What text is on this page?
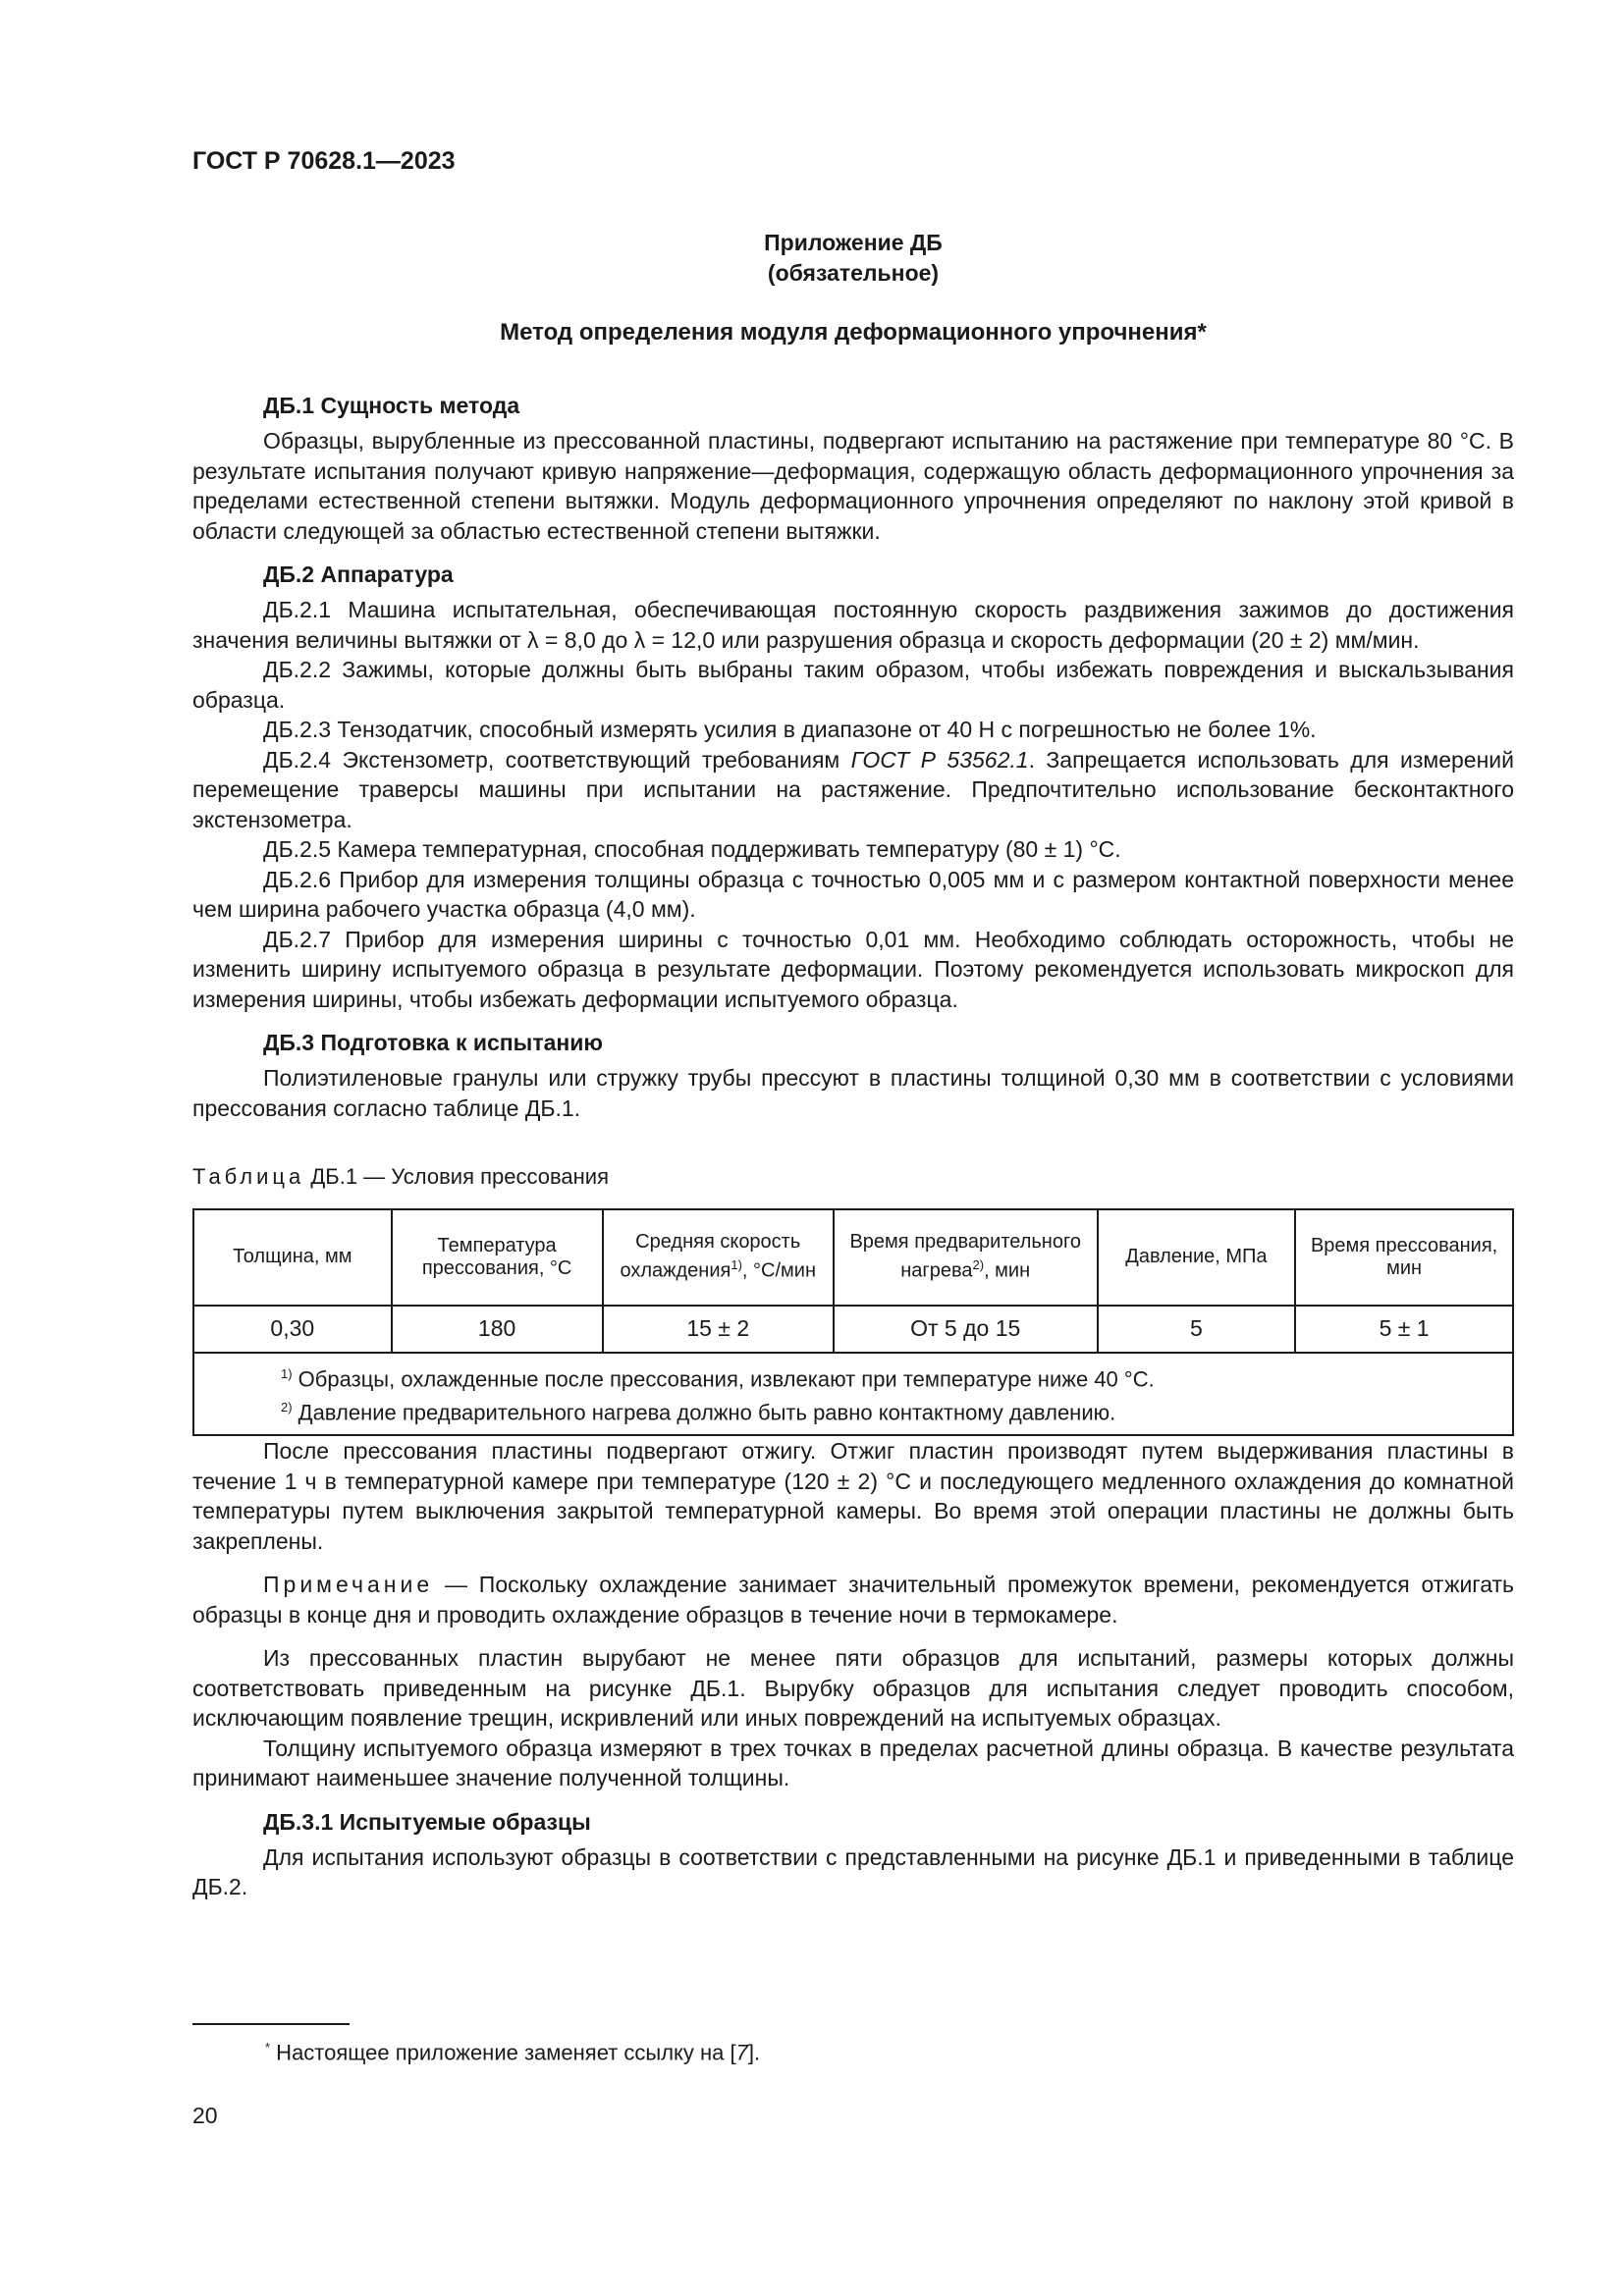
ГОСТ Р 70628.1—2023
Приложение ДБ
(обязательное)
Метод определения модуля деформационного упрочнения*
ДБ.1 Сущность метода

Образцы, вырубленные из прессованной пластины, подвергают испытанию на растяжение при температуре 80 °С. В результате испытания получают кривую напряжение—деформация, содержащую область деформационного упрочнения за пределами естественной степени вытяжки. Модуль деформационного упрочнения определяют по наклону этой кривой в области следующей за областью естественной степени вытяжки.

ДБ.2 Аппаратура

ДБ.2.1 Машина испытательная, обеспечивающая постоянную скорость раздвижения зажимов до достижения значения величины вытяжки от λ = 8,0 до λ = 12,0 или разрушения образца и скорость деформации (20 ± 2) мм/мин.

ДБ.2.2 Зажимы, которые должны быть выбраны таким образом, чтобы избежать повреждения и выскальзывания образца.

ДБ.2.3 Тензодатчик, способный измерять усилия в диапазоне от 40 Н с погрешностью не более 1%.

ДБ.2.4 Экстензометр, соответствующий требованиям ГОСТ Р 53562.1. Запрещается использовать для измерений перемещение траверсы машины при испытании на растяжение. Предпочтительно использование бесконтактного экстензометра.

ДБ.2.5 Камера температурная, способная поддерживать температуру (80 ± 1) °С.

ДБ.2.6 Прибор для измерения толщины образца с точностью 0,005 мм и с размером контактной поверхности менее чем ширина рабочего участка образца (4,0 мм).

ДБ.2.7 Прибор для измерения ширины с точностью 0,01 мм. Необходимо соблюдать осторожность, чтобы не изменить ширину испытуемого образца в результате деформации. Поэтому рекомендуется использовать микроскоп для измерения ширины, чтобы избежать деформации испытуемого образца.

ДБ.3 Подготовка к испытанию

Полиэтиленовые гранулы или стружку трубы прессуют в пластины толщиной 0,30 мм в соответствии с условиями прессования согласно таблице ДБ.1.

Таблица ДБ.1 — Условия прессования
Толщина, мм	Температура прессования, °С	Средняя скорость охлаждения$^{1)}$, °С/мин	Время предварительного нагрева$^{2)}$, мин	Давление, МПа	Время прессования, мин
0,30	180	15 ± 2	От 5 до 15	5	5 ± 1

$^{1)}$ Образцы, охлажденные после прессования, извлекают при температуре ниже 40 °С.
$^{2)}$ Давление предварительного нагрева должно быть равно контактному давлению.					

После прессования пластины подвергают отжигу. Отжиг пластин производят путем выдерживания пластины в течение 1 ч в температурной камере при температуре (120 ± 2) °С и последующего медленного охлаждения до комнатной температуры путем выключения закрытой температурной камеры. Во время этой операции пластины не должны быть закреплены.

Примечание — Поскольку охлаждение занимает значительный промежуток времени, рекомендуется отжигать образцы в конце дня и проводить охлаждение образцов в течение ночи в термокамере.

Из прессованных пластин вырубают не менее пяти образцов для испытаний, размеры которых должны соответствовать приведенным на рисунке ДБ.1. Вырубку образцов для испытания следует проводить способом, исключающим появление трещин, искривлений или иных повреждений на испытуемых образцах.

Толщину испытуемого образца измеряют в трех точках в пределах расчетной длины образца. В качестве результата принимают наименьшее значение полученной толщины.

ДБ.3.1 Испытуемые образцы

Для испытания используют образцы в соответствии с представленными на рисунке ДБ.1 и приведенными в таблице ДБ.2.

* Настоящее приложение заменяет ссылку на [7].
20
